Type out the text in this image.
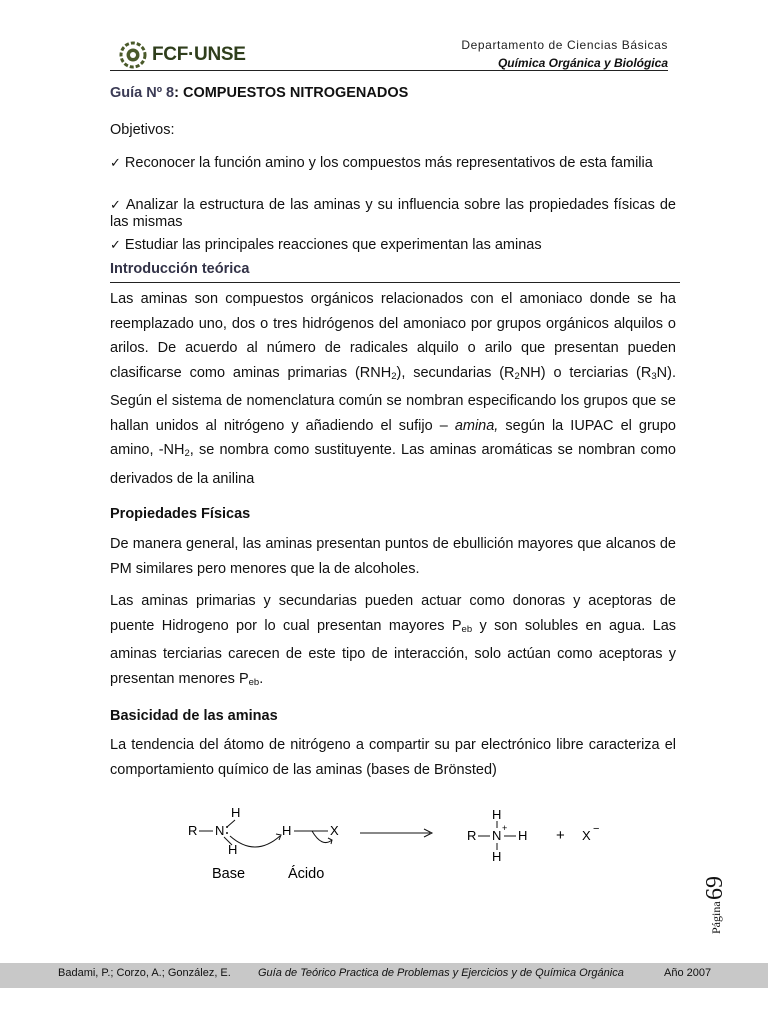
FCF·UNSE	Departamento de Ciencias Básicas
Química Orgánica y Biológica
Guía Nº 8: COMPUESTOS NITROGENADOS
Objetivos:
✓ Reconocer la función amino y los compuestos más representativos de esta familia
✓ Analizar la estructura de las aminas y su influencia sobre las propiedades físicas de las mismas
✓ Estudiar las principales reacciones que experimentan las aminas
Introducción teórica
Las aminas son compuestos orgánicos relacionados con el amoniaco donde se ha reemplazado uno, dos o tres hidrógenos del amoniaco por grupos orgánicos alquilos o arilos. De acuerdo al número de radicales alquilo o arilo que presentan pueden clasificarse como aminas primarias $(RNH_2)$, secundarias $(R_2NH)$ o terciarias $(R_3N)$. Según el sistema de nomenclatura común se nombran especificando los grupos que se hallan unidos al nitrógeno y añadiendo el sufijo – amina, según la IUPAC el grupo amino, $-NH_2$, se nombra como sustituyente. Las aminas aromáticas se nombran como derivados de la anilina
Propiedades Físicas
De manera general, las aminas presentan puntos de ebullición mayores que alcanos de PM similares pero menores que la de alcoholes.
Las aminas primarias y secundarias pueden actuar como donoras y aceptoras de puente Hidrogeno por lo cual presentan mayores $P_{eb}$ y son solubles en agua. Las aminas terciarias carecen de este tipo de interacción, solo actúan como aceptoras y presentan menores $P_{eb}$.
Basicidad de las aminas
La tendencia del átomo de nitrógeno a compartir su par electrónico libre caracteriza el comportamiento químico de las aminas (bases de Brönsted)
H
R N
H
H	X
H
R N + H
H
+ X −
Base	Ácido
Página
69
Badami, P.; Corzo, A.; González, E. Guía de Teórico Practica de Problemas y Ejercicios y de Química Orgánica	Año 2007
